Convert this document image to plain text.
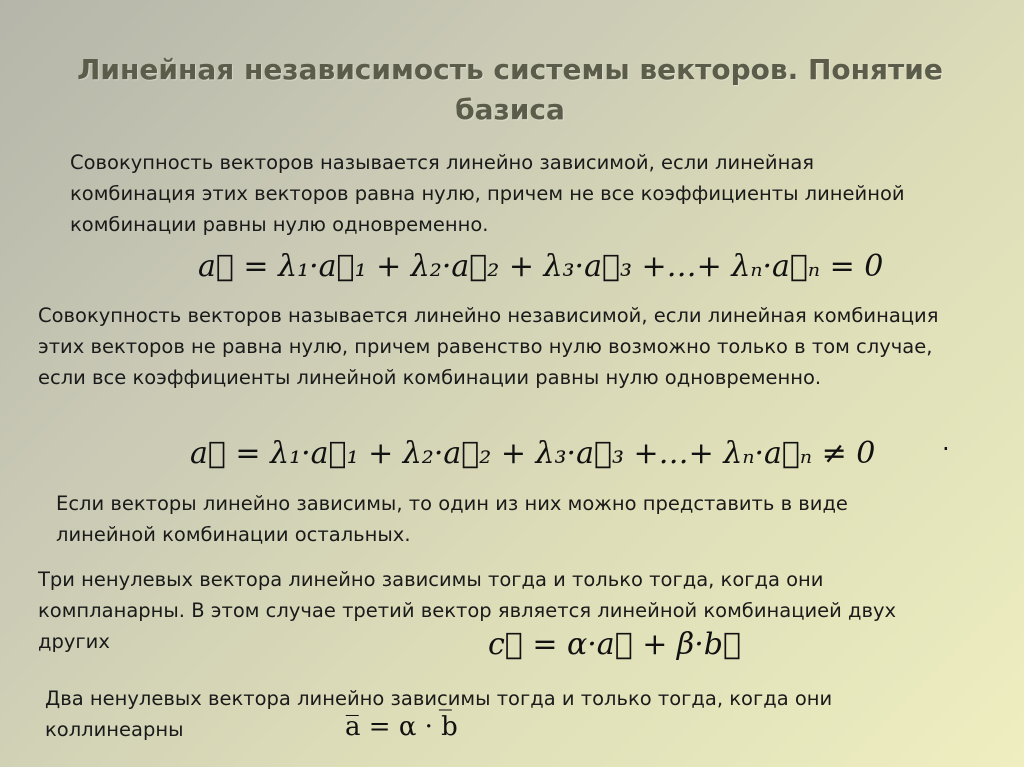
Линейная независимость системы векторов. Понятие базиса
Совокупность векторов называется линейно зависимой, если линейная комбинация этих векторов равна нулю, причем не все коэффициенты линейной комбинации равны нулю одновременно.
a⃗ = λ₁·a⃗₁ + λ₂·a⃗₂ + λ₃·a⃗₃ +…+ λₙ·a⃗ₙ = 0
Совокупность векторов называется линейно независимой, если линейная комбинация этих векторов не равна нулю, причем равенство нулю возможно только в том случае, если все коэффициенты линейной комбинации равны нулю одновременно.
a⃗ = λ₁·a⃗₁ + λ₂·a⃗₂ + λ₃·a⃗₃ +…+ λₙ·a⃗ₙ ≠ 0	.
Если векторы линейно зависимы, то один из них можно представить в виде линейной комбинации остальных.
Три ненулевых вектора линейно зависимы тогда и только тогда, когда они компланарны. В этом случае третий вектор является линейной комбинацией двух других	c⃗ = α·a⃗ + β·b⃗
Два ненулевых вектора линейно зависимы тогда и только тогда, когда они коллинеарны	a̅ = α · b̅
